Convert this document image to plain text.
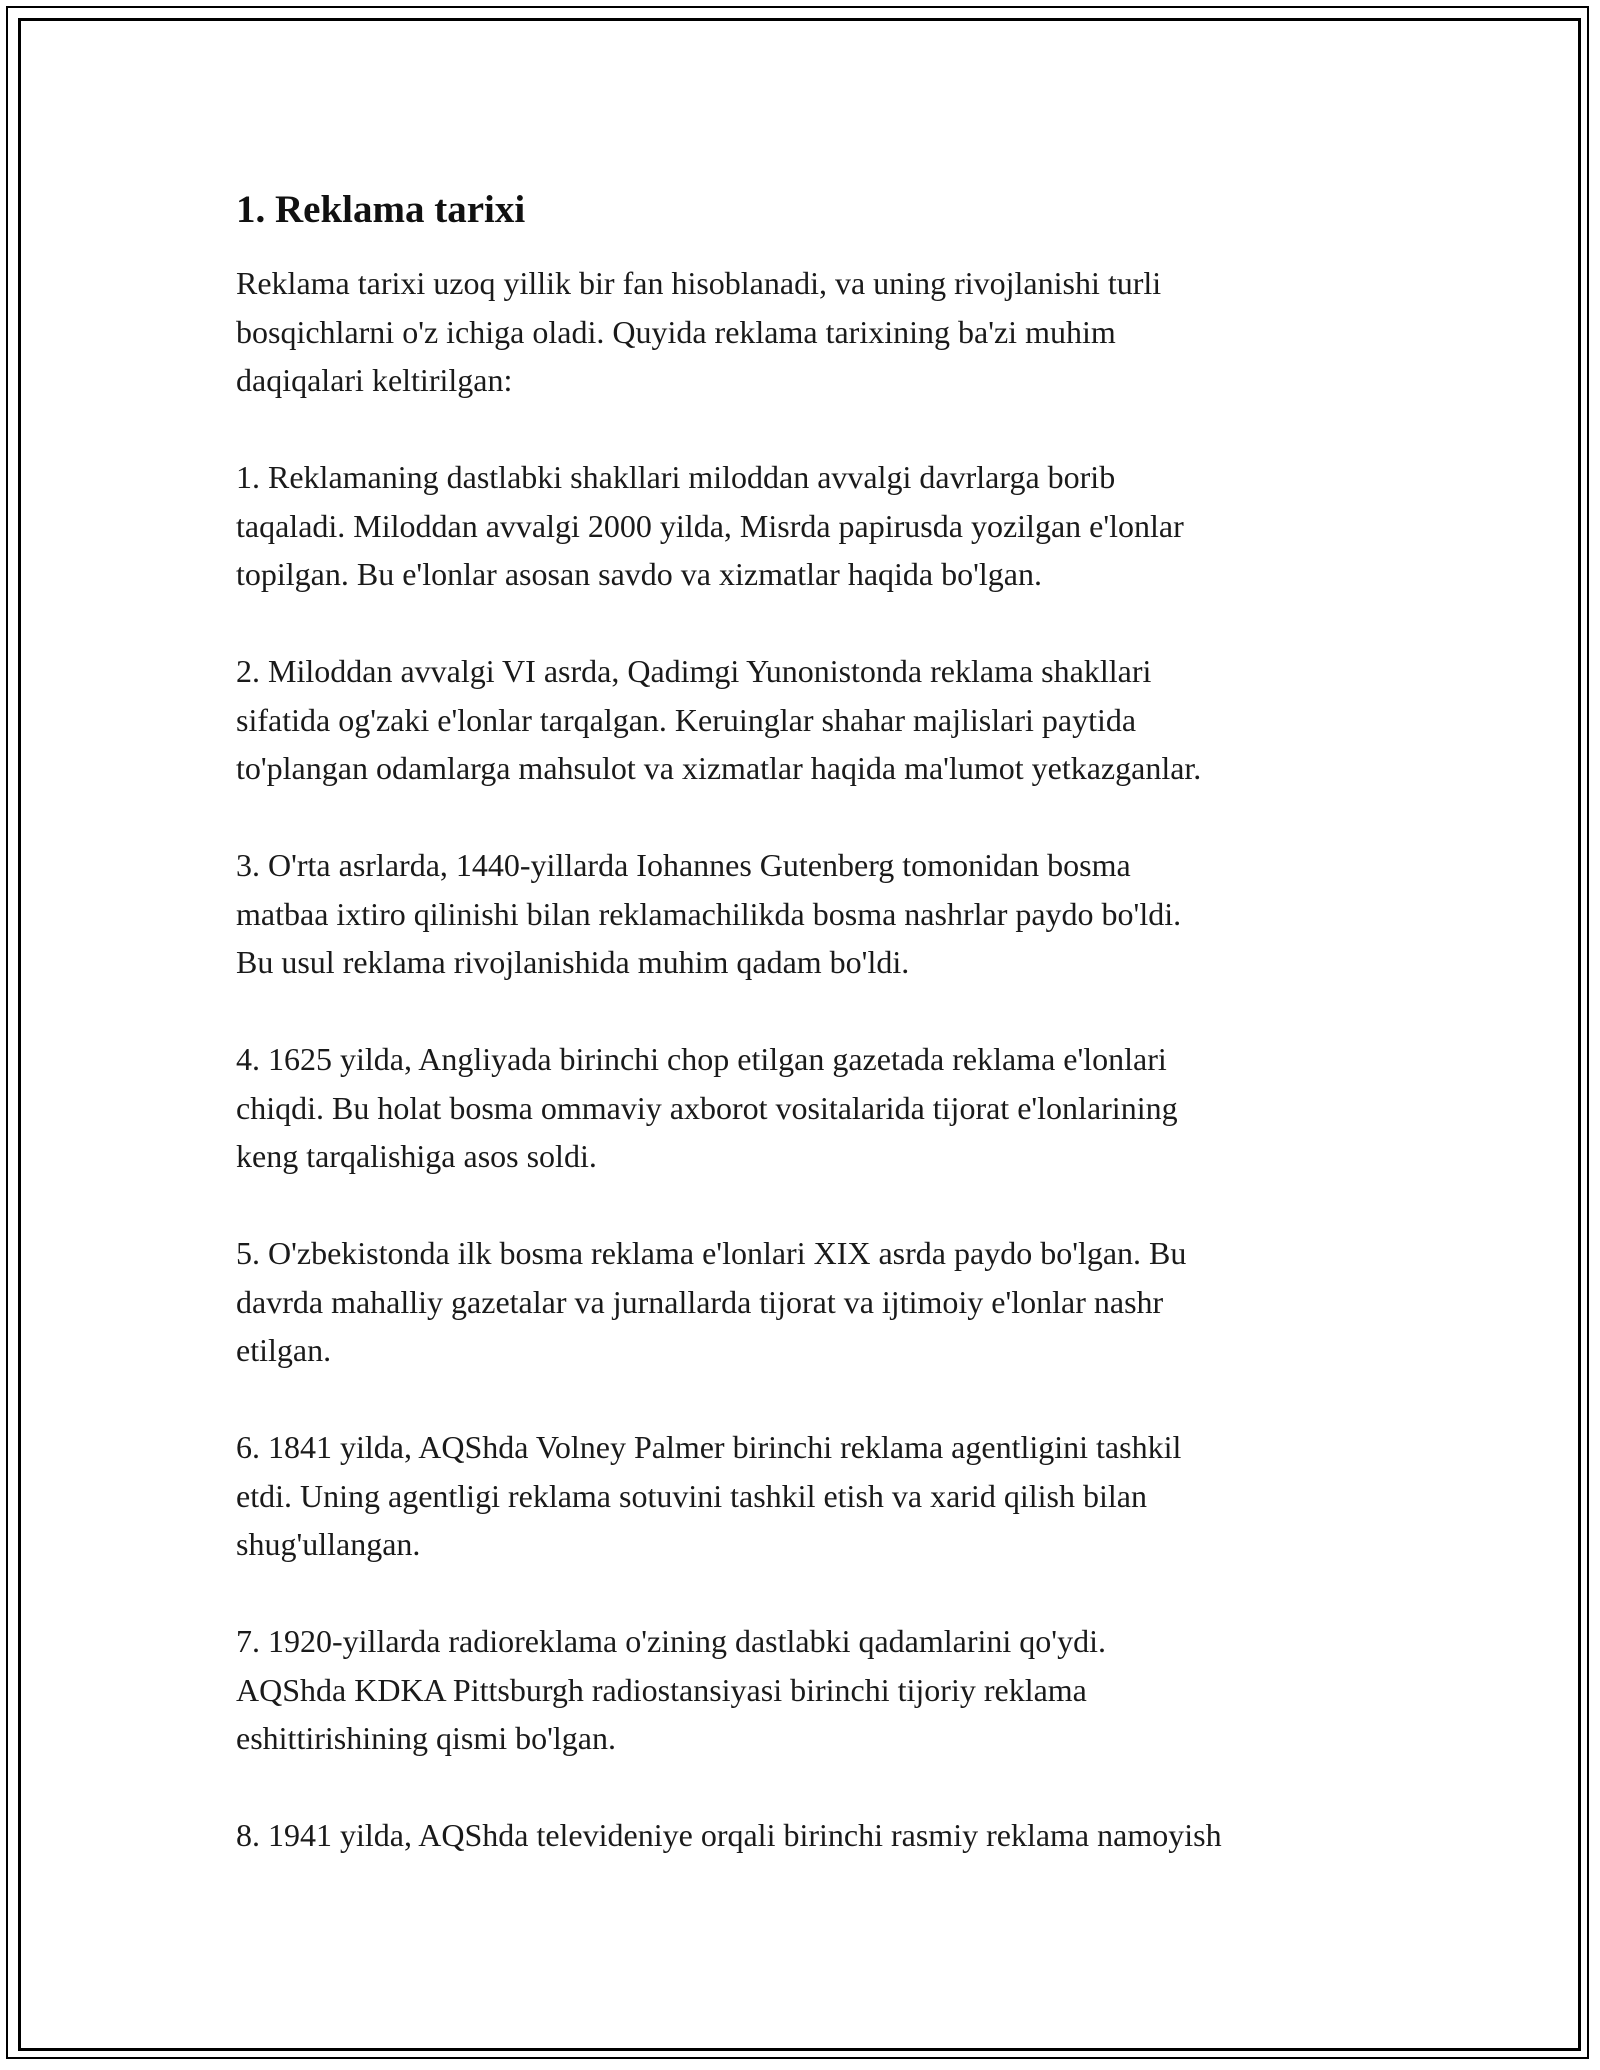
1. Reklama tarixi

Reklama tarixi uzoq yillik bir fan hisoblanadi, va uning rivojlanishi turli
bosqichlarni o'z ichiga oladi. Quyida reklama tarixining ba'zi muhim
daqiqalari keltirilgan:

1. Reklamaning dastlabki shakllari miloddan avvalgi davrlarga borib
taqaladi. Miloddan avvalgi 2000 yilda, Misrda papirusda yozilgan e'lonlar
topilgan. Bu e'lonlar asosan savdo va xizmatlar haqida bo'lgan.

2. Miloddan avvalgi VI asrda, Qadimgi Yunonistonda reklama shakllari
sifatida og'zaki e'lonlar tarqalgan. Keruinglar shahar majlislari paytida
to'plangan odamlarga mahsulot va xizmatlar haqida ma'lumot yetkazganlar.

3. O'rta asrlarda, 1440-yillarda Iohannes Gutenberg tomonidan bosma
matbaa ixtiro qilinishi bilan reklamachilikda bosma nashrlar paydo bo'ldi.
Bu usul reklama rivojlanishida muhim qadam bo'ldi.

4. 1625 yilda, Angliyada birinchi chop etilgan gazetada reklama e'lonlari
chiqdi. Bu holat bosma ommaviy axborot vositalarida tijorat e'lonlarining
keng tarqalishiga asos soldi.

5. O'zbekistonda ilk bosma reklama e'lonlari XIX asrda paydo bo'lgan. Bu
davrda mahalliy gazetalar va jurnallarda tijorat va ijtimoiy e'lonlar nashr
etilgan.

6. 1841 yilda, AQShda Volney Palmer birinchi reklama agentligini tashkil
etdi. Uning agentligi reklama sotuvini tashkil etish va xarid qilish bilan
shug'ullangan.

7. 1920-yillarda radioreklama o'zining dastlabki qadamlarini qo'ydi.
AQShda KDKA Pittsburgh radiostansiyasi birinchi tijoriy reklama
eshittirishining qismi bo'lgan.

8. 1941 yilda, AQShda televideniye orqali birinchi rasmiy reklama namoyish
